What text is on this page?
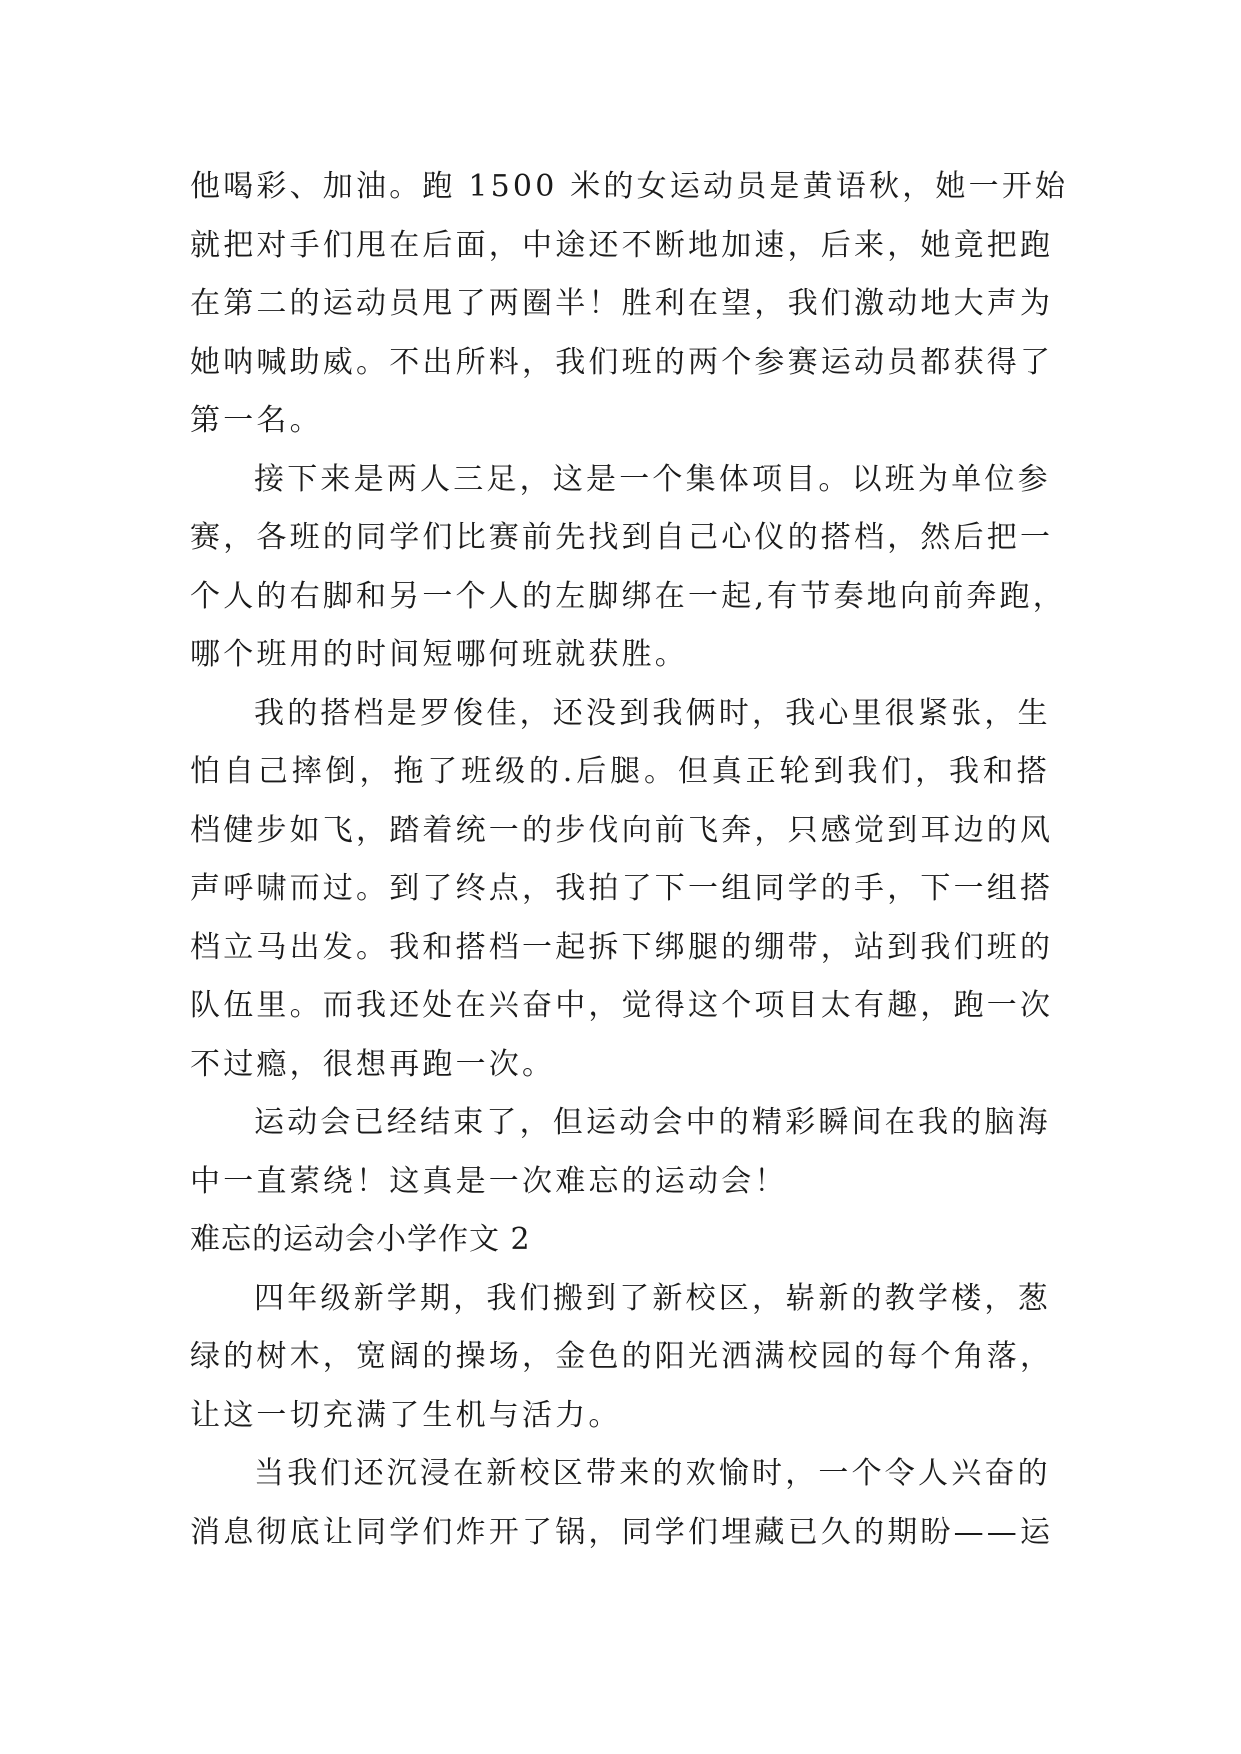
他喝彩、加油。跑 1500 米的女运动员是黄语秋，她一开始
就把对手们甩在后面，中途还不断地加速，后来，她竟把跑
在第二的运动员甩了两圈半！胜利在望，我们激动地大声为
她呐喊助威。不出所料，我们班的两个参赛运动员都获得了
第一名。
接下来是两人三足，这是一个集体项目。以班为单位参
赛，各班的同学们比赛前先找到自己心仪的搭档，然后把一
个人的右脚和另一个人的左脚绑在一起,有节奏地向前奔跑，
哪个班用的时间短哪何班就获胜。
我的搭档是罗俊佳，还没到我俩时，我心里很紧张，生
怕自己摔倒，拖了班级的.后腿。但真正轮到我们，我和搭
档健步如飞，踏着统一的步伐向前飞奔，只感觉到耳边的风
声呼啸而过。到了终点，我拍了下一组同学的手，下一组搭
档立马出发。我和搭档一起拆下绑腿的绷带，站到我们班的
队伍里。而我还处在兴奋中，觉得这个项目太有趣，跑一次
不过瘾，很想再跑一次。
运动会已经结束了，但运动会中的精彩瞬间在我的脑海
中一直萦绕！这真是一次难忘的运动会！
难忘的运动会小学作文 2
四年级新学期，我们搬到了新校区，崭新的教学楼，葱
绿的树木，宽阔的操场，金色的阳光洒满校园的每个角落，
让这一切充满了生机与活力。
当我们还沉浸在新校区带来的欢愉时，一个令人兴奋的
消息彻底让同学们炸开了锅，同学们埋藏已久的期盼——运
